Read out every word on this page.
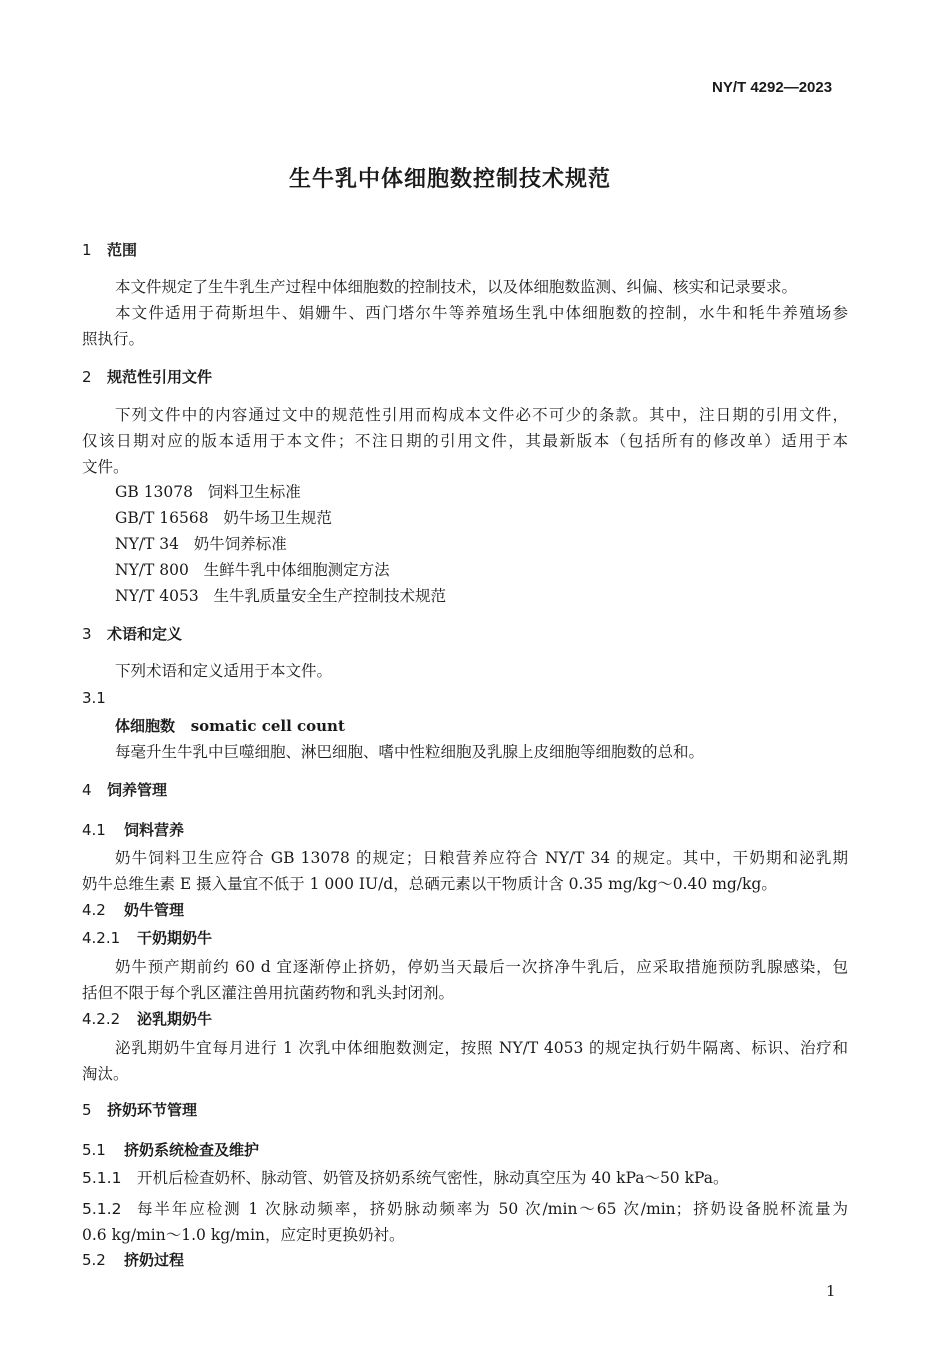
NY/T 4292—2023
生牛乳中体细胞数控制技术规范
1 范围
本文件规定了生牛乳生产过程中体细胞数的控制技术，以及体细胞数监测、纠偏、核实和记录要求。
本文件适用于荷斯坦牛、娟姗牛、西门塔尔牛等养殖场生乳中体细胞数的控制，水牛和牦牛养殖场参
照执行。
2 规范性引用文件
下列文件中的内容通过文中的规范性引用而构成本文件必不可少的条款。其中，注日期的引用文件，
仅该日期对应的版本适用于本文件；不注日期的引用文件，其最新版本（包括所有的修改单）适用于本
文件。
GB 13078 饲料卫生标准
GB/T 16568 奶牛场卫生规范
NY/T 34 奶牛饲养标准
NY/T 800 生鲜牛乳中体细胞测定方法
NY/T 4053 生牛乳质量安全生产控制技术规范
3 术语和定义
下列术语和定义适用于本文件。
3.1
体细胞数 somatic cell count
每毫升生牛乳中巨噬细胞、淋巴细胞、嗜中性粒细胞及乳腺上皮细胞等细胞数的总和。
4 饲养管理
4.1 饲料营养
奶牛饲料卫生应符合 GB 13078 的规定；日粮营养应符合 NY/T 34 的规定。其中，干奶期和泌乳期
奶牛总维生素 E 摄入量宜不低于 1 000 IU/d，总硒元素以干物质计含 0.35 mg/kg～0.40 mg/kg。
4.2 奶牛管理
4.2.1 干奶期奶牛
奶牛预产期前约 60 d 宜逐渐停止挤奶，停奶当天最后一次挤净牛乳后，应采取措施预防乳腺感染，包
括但不限于每个乳区灌注兽用抗菌药物和乳头封闭剂。
4.2.2 泌乳期奶牛
泌乳期奶牛宜每月进行 1 次乳中体细胞数测定，按照 NY/T 4053 的规定执行奶牛隔离、标识、治疗和
淘汰。
5 挤奶环节管理
5.1 挤奶系统检查及维护
5.1.1 开机后检查奶杯、脉动管、奶管及挤奶系统气密性，脉动真空压为 40 kPa～50 kPa。
5.1.2	每半年应检测 1 次脉动频率，挤奶脉动频率为 50 次/min～65 次/min；挤奶设备脱杯流量为
0.6 kg/min～1.0 kg/min，应定时更换奶衬。
5.2 挤奶过程
1
